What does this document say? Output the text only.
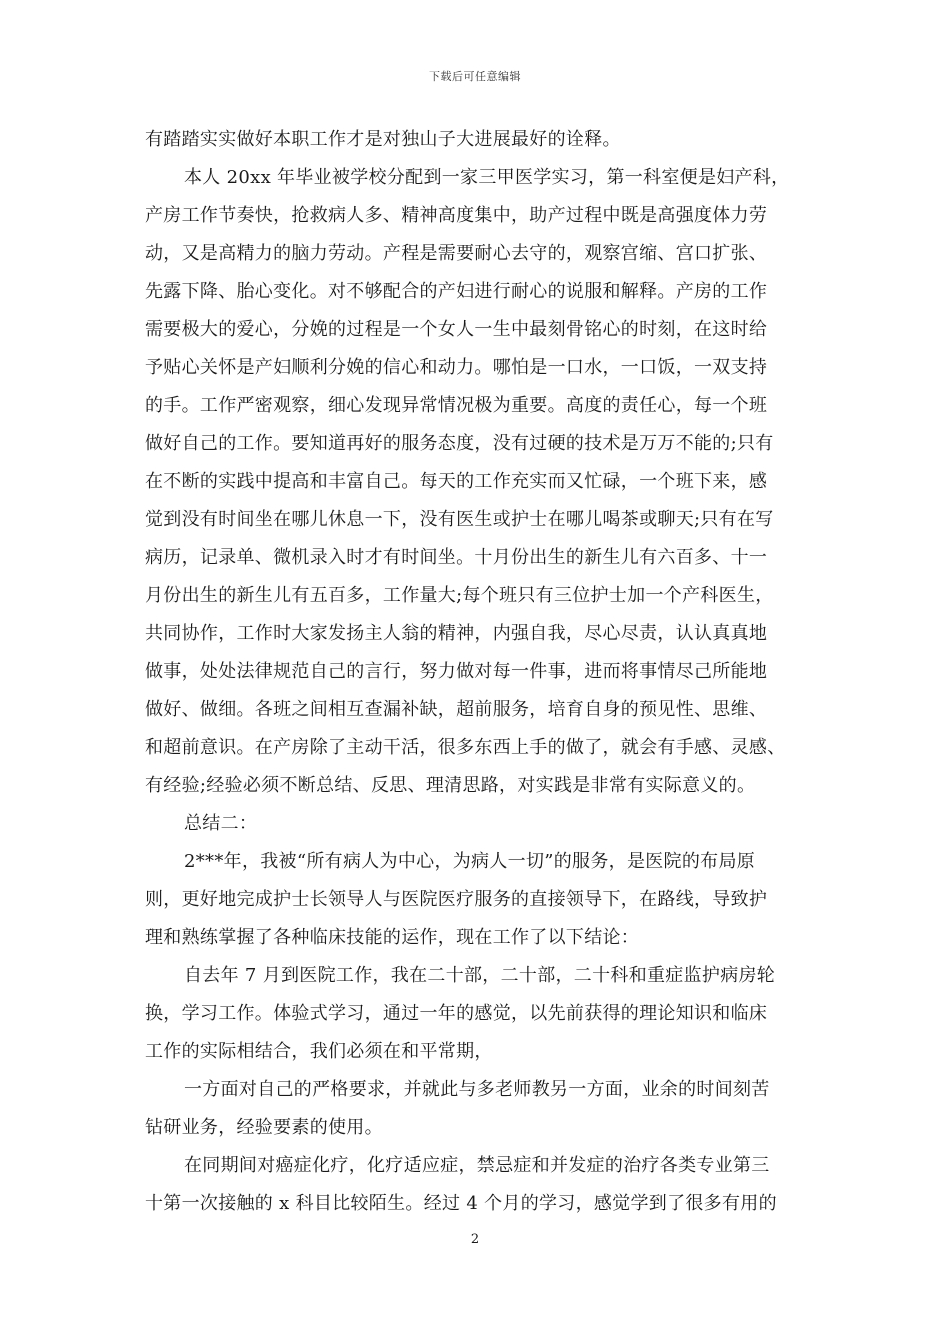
下载后可任意编辑
有踏踏实实做好本职工作才是对独山子大进展最好的诠释。
本人 20xx 年毕业被学校分配到一家三甲医学实习，第一科室便是妇产科，
产房工作节奏快，抢救病人多、精神高度集中，助产过程中既是高强度体力劳
动，又是高精力的脑力劳动。产程是需要耐心去守的，观察宫缩、宫口扩张、
先露下降、胎心变化。对不够配合的产妇进行耐心的说服和解释。产房的工作
需要极大的爱心，分娩的过程是一个女人一生中最刻骨铭心的时刻，在这时给
予贴心关怀是产妇顺利分娩的信心和动力。哪怕是一口水，一口饭，一双支持
的手。工作严密观察，细心发现异常情况极为重要。高度的责任心，每一个班
做好自己的工作。要知道再好的服务态度，没有过硬的技术是万万不能的;只有
在不断的实践中提高和丰富自己。每天的工作充实而又忙碌，一个班下来，感
觉到没有时间坐在哪儿休息一下，没有医生或护士在哪儿喝茶或聊天;只有在写
病历，记录单、微机录入时才有时间坐。十月份出生的新生儿有六百多、十一
月份出生的新生儿有五百多，工作量大;每个班只有三位护士加一个产科医生，
共同协作，工作时大家发扬主人翁的精神，内强自我，尽心尽责，认认真真地
做事，处处法律规范自己的言行，努力做对每一件事，进而将事情尽己所能地
做好、做细。各班之间相互查漏补缺，超前服务，培育自身的预见性、思维、
和超前意识。在产房除了主动干活，很多东西上手的做了，就会有手感、灵感、
有经验;经验必须不断总结、反思、理清思路，对实践是非常有实际意义的。
总结二：
2***年，我被“所有病人为中心，为病人一切”的服务，是医院的布局原
则，更好地完成护士长领导人与医院医疗服务的直接领导下，在路线，导致护
理和熟练掌握了各种临床技能的运作，现在工作了以下结论：
自去年 7 月到医院工作，我在二十部，二十部，二十科和重症监护病房轮
换，学习工作。体验式学习，通过一年的感觉，以先前获得的理论知识和临床
工作的实际相结合，我们必须在和平常期，
一方面对自己的严格要求，并就此与多老师教另一方面，业余的时间刻苦
钻研业务，经验要素的使用。
在同期间对癌症化疗，化疗适应症，禁忌症和并发症的治疗各类专业第三
十第一次接触的 x 科目比较陌生。经过 4 个月的学习，感觉学到了很多有用的
2
